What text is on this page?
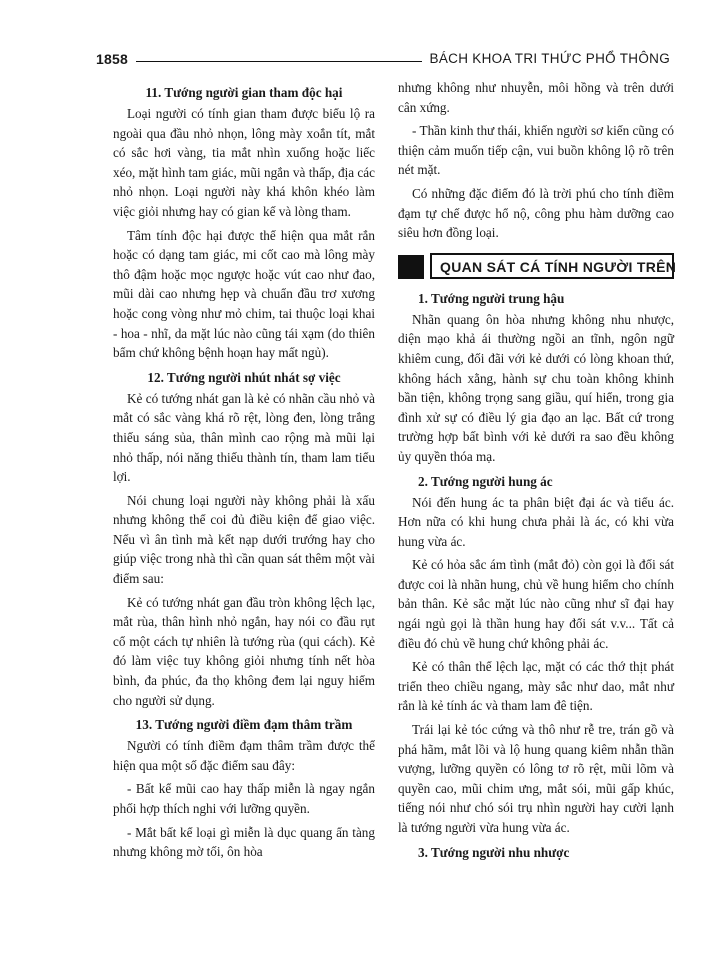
1858	BÁCH KHOA TRI THỨC PHỔ THÔNG
11. Tướng người gian tham độc hại

Loại người có tính gian tham được biểu lộ ra ngoài qua đầu nhỏ nhọn, lông mày xoắn tít, mắt có sắc hơi vàng, tia mắt nhìn xuống hoặc liếc xéo, mặt hình tam giác, mũi ngắn và thấp, địa các nhỏ nhọn. Loại người này khá khôn khéo làm việc giỏi nhưng hay có gian kế và lòng tham.

Tâm tính độc hại được thể hiện qua mắt rắn hoặc có dạng tam giác, mi cốt cao mà lông mày thô đậm hoặc mọc ngược hoặc vút cao như đao, mũi dài cao nhưng hẹp và chuẩn đầu trơ xương hoặc cong vòng như mỏ chim, tai thuộc loại khai - hoa - nhĩ, da mặt lúc nào cũng tái xạm (do thiên bẩm chứ không bệnh hoạn hay mất ngủ).

12. Tướng người nhút nhát sợ việc

Kẻ có tướng nhát gan là kẻ có nhãn cầu nhỏ và mắt có sắc vàng khá rõ rệt, lòng đen, lòng trắng thiếu sáng sủa, thân mình cao rộng mà mũi lại nhỏ thấp, nói năng thiếu thành tín, tham lam tiểu lợi.

Nói chung loại người này không phải là xấu nhưng không thể coi đủ điều kiện để giao việc. Nếu vì ân tình mà kết nạp dưới trướng hay cho giúp việc trong nhà thì cần quan sát thêm một vài điểm sau:

Kẻ có tướng nhát gan đầu tròn không lệch lạc, mắt rùa, thân hình nhỏ ngắn, hay nói co đầu rụt cổ một cách tự nhiên là tướng rùa (qui cách). Kẻ đó làm việc tuy không giỏi nhưng tính nết hòa bình, đa phúc, đa thọ không đem lại nguy hiểm cho người sử dụng.

13. Tướng người điềm đạm thâm trầm

Người có tính điềm đạm thâm trầm được thể hiện qua một số đặc điểm sau đây:

- Bất kể mũi cao hay thấp miễn là ngay ngắn phối hợp thích nghi với lưỡng quyền.

- Mắt bất kể loại gì miễn là dục quang ẩn tàng nhưng không mờ tối, ôn hòa

nhưng không như nhuyễn, môi hồng và trên dưới cân xứng.

- Thần kinh thư thái, khiến người sơ kiến cũng có thiện cảm muốn tiếp cận, vui buồn không lộ rõ trên nét mặt.

Có những đặc điểm đó là trời phú cho tính điềm đạm tự chế được hổ nộ, công phu hàm dưỡng cao siêu hơn đồng loại.

QUAN SÁT CÁ TÍNH NGƯỜI TRÊN
1. Tướng người trung hậu

Nhãn quang ôn hòa nhưng không nhu nhược, diện mạo khả ái thường ngồi an tĩnh, ngôn ngữ khiêm cung, đối đãi với kẻ dưới có lòng khoan thứ, không hách xằng, hành sự chu toàn không khinh bần tiện, không trọng sang giầu, quí hiển, trong gia đình xử sự có điều lý gia đạo an lạc. Bất cứ trong trường hợp bất bình với kẻ dưới ra sao đều không ủy quyền thóa mạ.

2. Tướng người hung ác

Nói đến hung ác ta phân biệt đại ác và tiểu ác. Hơn nữa có khi hung chưa phải là ác, có khi vừa hung vừa ác.

Kẻ có hỏa sắc ám tình (mắt đỏ) còn gọi là đối sát được coi là nhãn hung, chủ về hung hiểm cho chính bản thân. Kẻ sắc mặt lúc nào cũng như sĩ đại hay ngái ngủ gọi là thần hung hay đối sát v.v... Tất cả điều đó chủ về hung chứ không phải ác.

Kẻ có thân thể lệch lạc, mặt có các thớ thịt phát triển theo chiều ngang, mày sắc như dao, mắt như rắn là kẻ tính ác và tham lam đê tiện.

Trái lại kẻ tóc cứng và thô như rễ tre, trán gồ và phá hãm, mắt lồi và lộ hung quang kiêm nhẫn thần vượng, lưỡng quyền có lông tơ rõ rệt, mũi lõm và quyền cao, mũi chim ưng, mắt sói, mũi gấp khúc, tiếng nói như chó sói trụ nhìn người hay cười lạnh là tướng người vừa hung vừa ác.

3. Tướng người nhu nhược
